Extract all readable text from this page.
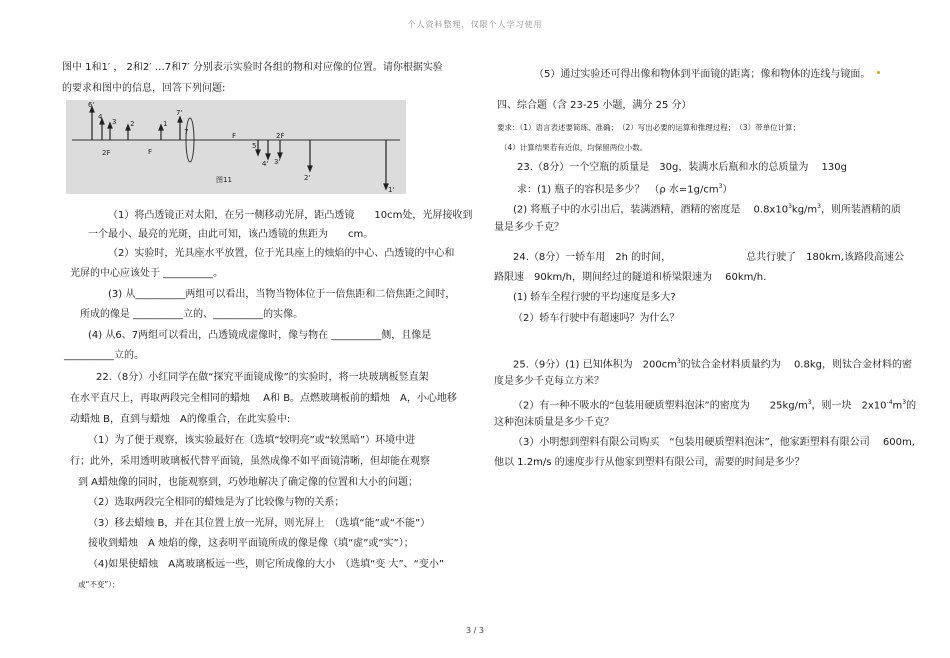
个人资料整理，仅限个人学习使用
图中 1和1′ ， 2和2′ …7和7′ 分别表示实验时各组的物和对应像的位置。请你根据实验
的要求和图中的信息，回答下列问题:
6'
4
3 2	1
2F	F
7'
7	F
5
4' 3'
2F
2'
1'
图11
（1）将凸透镜正对太阳，在另一侧移动光屏，距凸透镜　　10cm处，光屏接收到
一个最小、最亮的光斑，由此可知，该凸透镜的焦距为　　cm。
（2）实验时，光具座水平放置，位于光具座上的烛焰的中心、凸透镜的中心和
光屏的中心应该处于 __________。
(3) 从__________两组可以看出，当物当物体位于一倍焦距和二倍焦距之间时，
所成的像是 __________立的、__________的实像。
(4) 从6、7两组可以看出，凸透镜成虚像时，像与物在 __________侧，且像是
__________立的。
22.（8分）小红同学在做“探究平面镜成像”的实验时，将一块玻璃板竖直架
在水平直尺上，再取两段完全相同的蜡烛　 A和 B。点燃玻璃板前的蜡烛　A，小心地移
动蜡烛 B，直到与蜡烛　A的像重合，在此实验中:
（1）为了便于观察，该实验最好在（选填“较明亮”或“较黑暗”）环境中进
行；此外，采用透明玻璃板代替平面镜，虽然成像不如平面镜清晰，但却能在观察
到 A蜡烛像的同时，也能观察到，巧妙地解决了确定像的位置和大小的问题；
（2）选取两段完全相同的蜡烛是为了比较像与物的关系；
（3）移去蜡烛 B，并在其位置上放一光屏，则光屏上　（选填“能”或“不能”）
接收到蜡烛　A 烛焰的像，这表明平面镜所成的像是像（填“虚”或“实”）；
（4)如果使蜡烛　A离玻璃板远一些，则它所成像的大小　（选填“变 大”、“变小”
或“不变”）；
（5）通过实验还可得出像和物体到平面镜的距离；像和物体的连线与镜面。
四、综合题（含 23-25 小题，满分 25 分）
要求：（1）语言表述要简练、准确；　（2）写出必要的运算和推理过程；　（3）带单位计算；
（4）计算结果若有近似，均保留两位小数。
23.（8分）一个空瓶的质量是　30g，装满水后瓶和水的总质量为　 130g
求：(1) 瓶子的容积是多少？　（ρ 水$=1g/cm^3$）
(2) 将瓶子中的水引出后，装满酒精，酒精的密度是　 $0.8x10^3kg/m^3$，则所装酒精的质
量是多少千克？
24.（8分）一轿车用　2h 的时间，　　　　　　　　总共行驶了　180km,该路段高速公
路限速　90km/h，期间经过的隧道和桥梁限速为　 60km/h.
(1) 轿车全程行驶的平均速度是多大?
（2）轿车行驶中有超速吗？为什么？
25.（9分）(1) 已知体积为　$200cm^3$的钛合金材料质量约为　 0.8kg，则钛合金材料的密
度是多少千克每立方米？
（2）有一种不吸水的“包装用硬质塑料泡沫”的密度为　　$25kg/m^3$，则一块　$2x10^{-4}m^3$的
这种泡沫质量是多少千克？
（3）小明想到塑料有限公司购买　“包装用硬质塑料泡沫”，他家距塑料有限公司　 600m,
他以 1.2m/s 的速度步行从他家到塑料有限公司，需要的时间是多少？
3 / 3
